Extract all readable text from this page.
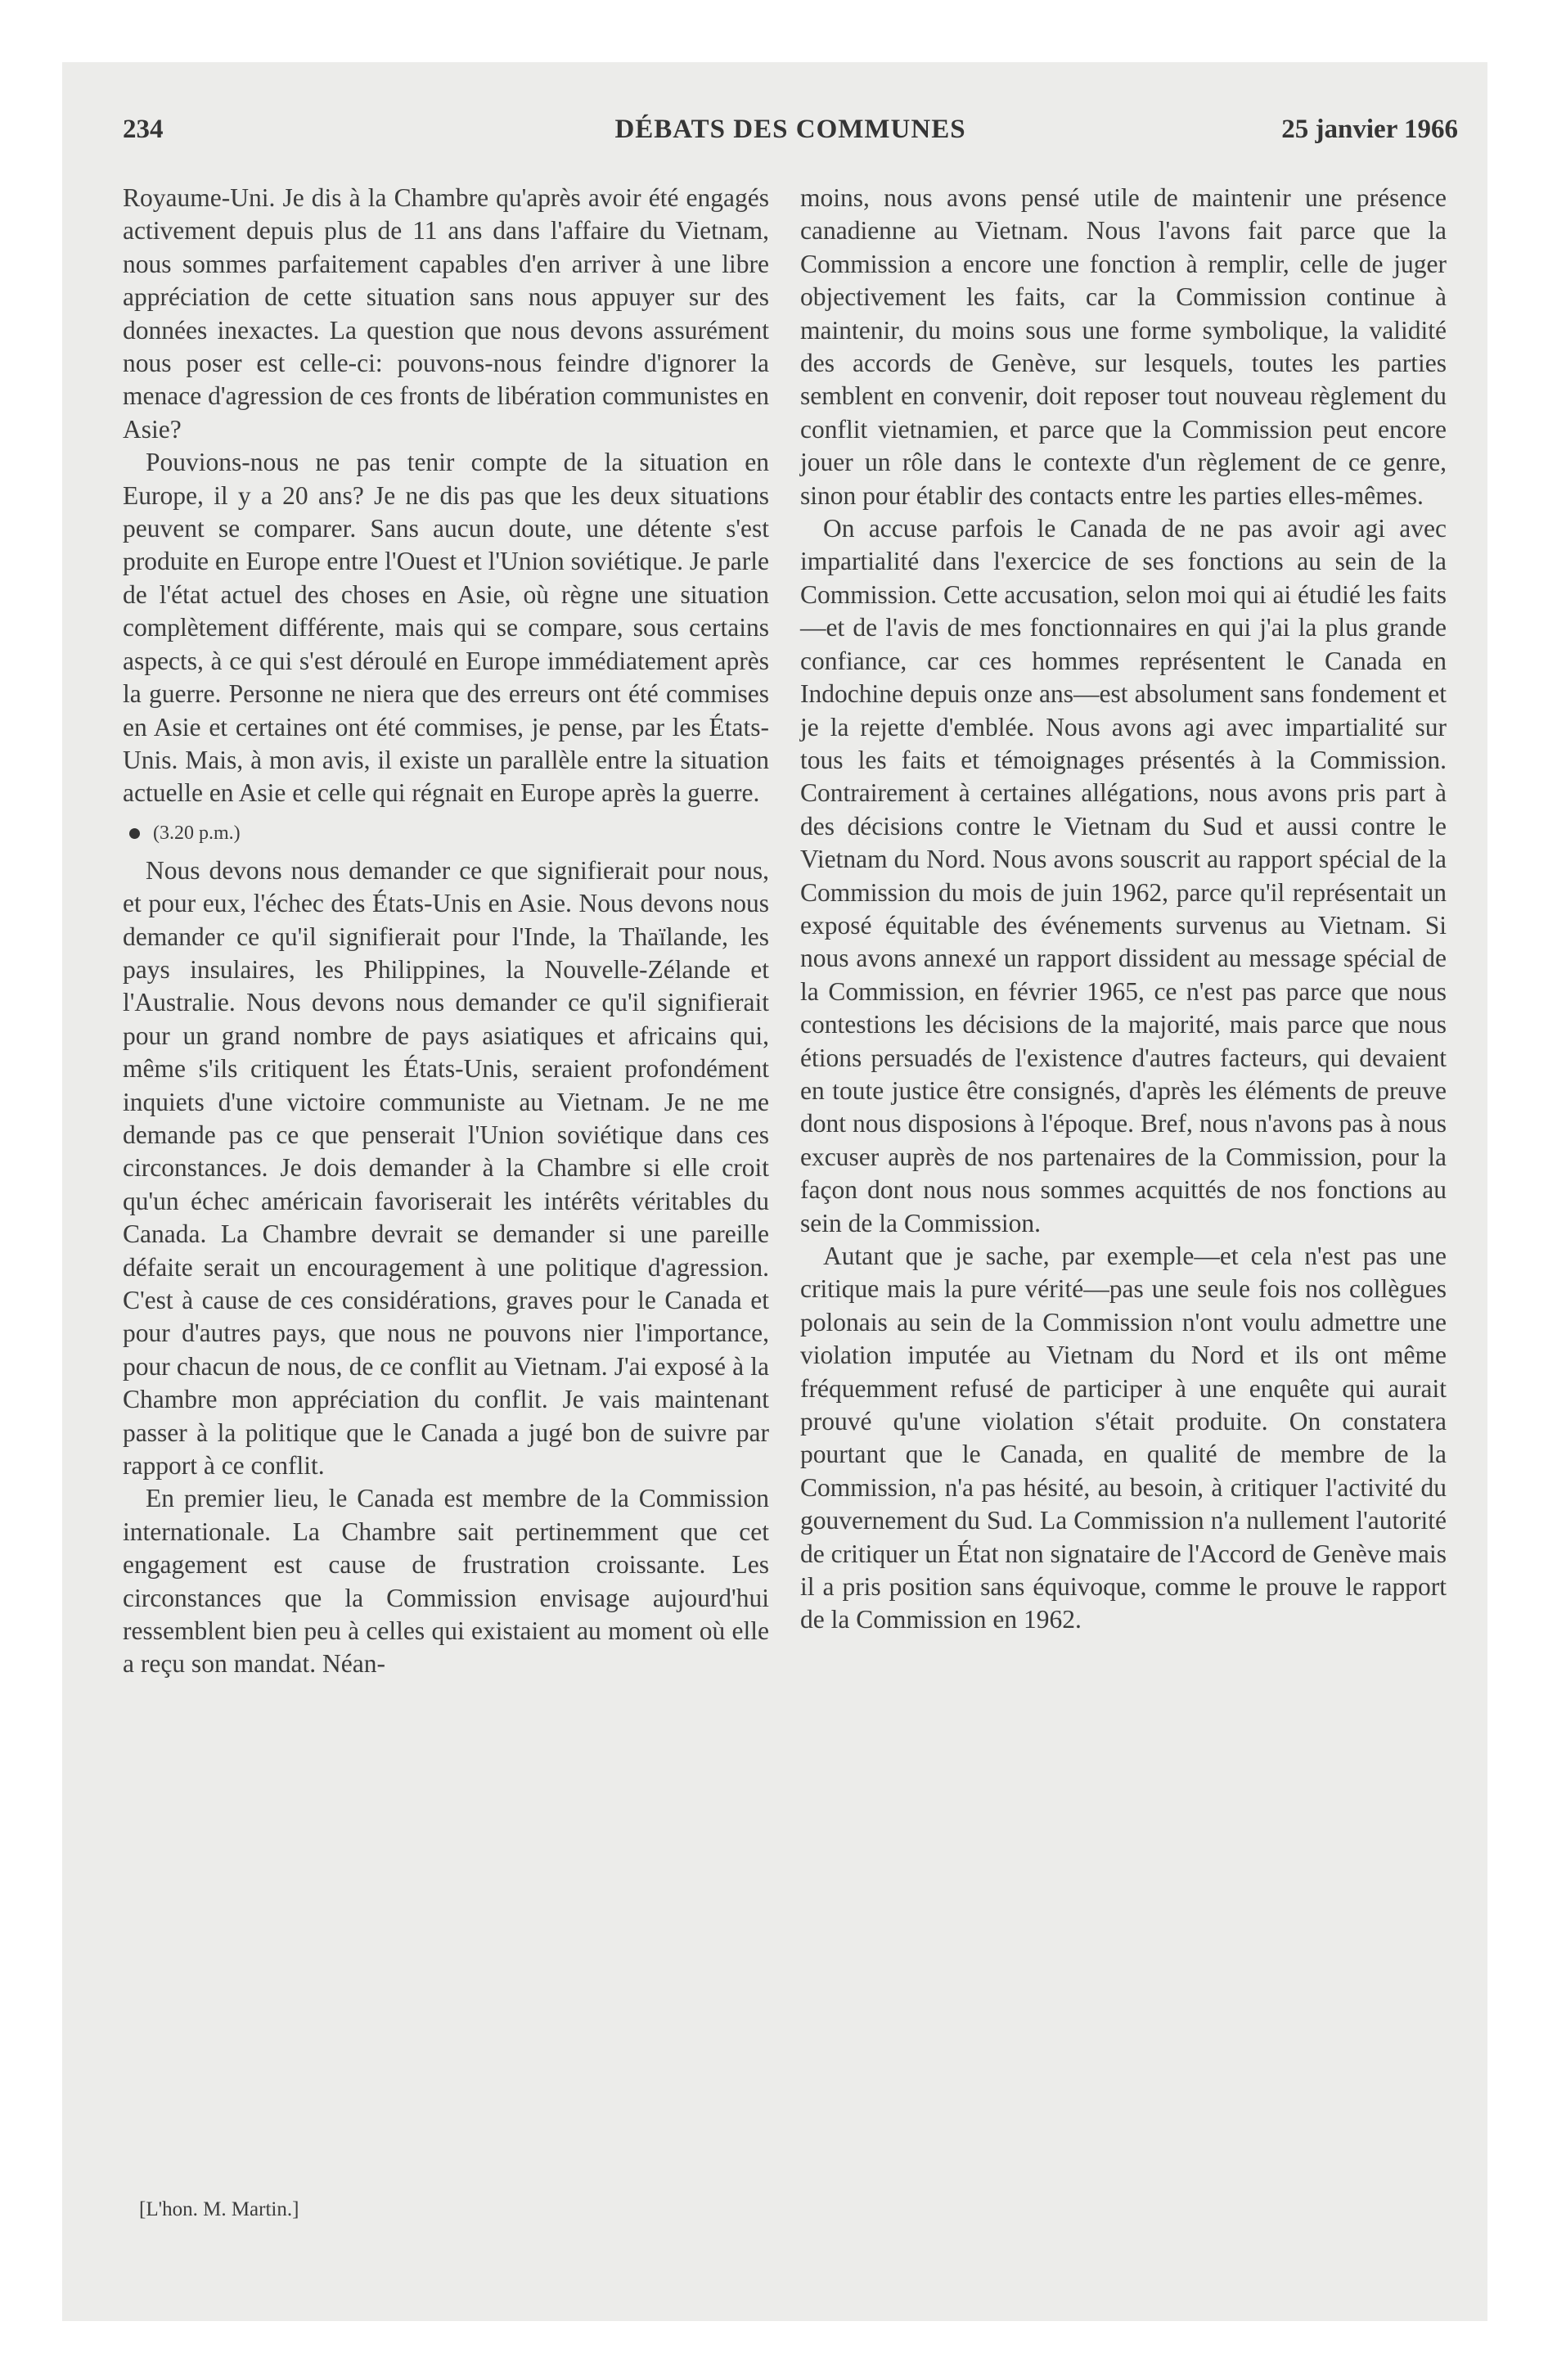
234	DÉBATS DES COMMUNES	25 janvier 1966

Royaume-Uni. Je dis à la Chambre qu'après avoir été engagés activement depuis plus de 11 ans dans l'affaire du Vietnam, nous sommes parfaitement capables d'en arriver à une libre appréciation de cette situation sans nous appuyer sur des données inexactes. La question que nous devons assurément nous poser est celle-ci: pouvons-nous feindre d'ignorer la menace d'agression de ces fronts de libération communistes en Asie?

Pouvions-nous ne pas tenir compte de la situation en Europe, il y a 20 ans? Je ne dis pas que les deux situations peuvent se comparer. Sans aucun doute, une détente s'est produite en Europe entre l'Ouest et l'Union soviétique. Je parle de l'état actuel des choses en Asie, où règne une situation complètement différente, mais qui se compare, sous certains aspects, à ce qui s'est déroulé en Europe immédiatement après la guerre. Personne ne niera que des erreurs ont été commises en Asie et certaines ont été commises, je pense, par les États-Unis. Mais, à mon avis, il existe un parallèle entre la situation actuelle en Asie et celle qui régnait en Europe après la guerre.

(3.20 p.m.)

Nous devons nous demander ce que signifierait pour nous, et pour eux, l'échec des États-Unis en Asie. Nous devons nous demander ce qu'il signifierait pour l'Inde, la Thaïlande, les pays insulaires, les Philippines, la Nouvelle-Zélande et l'Australie. Nous devons nous demander ce qu'il signifierait pour un grand nombre de pays asiatiques et africains qui, même s'ils critiquent les États-Unis, seraient profondément inquiets d'une victoire communiste au Vietnam. Je ne me demande pas ce que penserait l'Union soviétique dans ces circonstances. Je dois demander à la Chambre si elle croit qu'un échec américain favoriserait les intérêts véritables du Canada. La Chambre devrait se demander si une pareille défaite serait un encouragement à une politique d'agression. C'est à cause de ces considérations, graves pour le Canada et pour d'autres pays, que nous ne pouvons nier l'importance, pour chacun de nous, de ce conflit au Vietnam. J'ai exposé à la Chambre mon appréciation du conflit. Je vais maintenant passer à la politique que le Canada a jugé bon de suivre par rapport à ce conflit.

En premier lieu, le Canada est membre de la Commission internationale. La Chambre sait pertinemment que cet engagement est cause de frustration croissante. Les circonstances que la Commission envisage aujourd'hui ressemblent bien peu à celles qui existaient au moment où elle a reçu son mandat. Néan-

moins, nous avons pensé utile de maintenir une présence canadienne au Vietnam. Nous l'avons fait parce que la Commission a encore une fonction à remplir, celle de juger objectivement les faits, car la Commission continue à maintenir, du moins sous une forme symbolique, la validité des accords de Genève, sur lesquels, toutes les parties semblent en convenir, doit reposer tout nouveau règlement du conflit vietnamien, et parce que la Commission peut encore jouer un rôle dans le contexte d'un règlement de ce genre, sinon pour établir des contacts entre les parties elles-mêmes.

On accuse parfois le Canada de ne pas avoir agi avec impartialité dans l'exercice de ses fonctions au sein de la Commission. Cette accusation, selon moi qui ai étudié les faits —et de l'avis de mes fonctionnaires en qui j'ai la plus grande confiance, car ces hommes représentent le Canada en Indochine depuis onze ans—est absolument sans fondement et je la rejette d'emblée. Nous avons agi avec impartialité sur tous les faits et témoignages présentés à la Commission. Contrairement à certaines allégations, nous avons pris part à des décisions contre le Vietnam du Sud et aussi contre le Vietnam du Nord. Nous avons souscrit au rapport spécial de la Commission du mois de juin 1962, parce qu'il représentait un exposé équitable des événements survenus au Vietnam. Si nous avons annexé un rapport dissident au message spécial de la Commission, en février 1965, ce n'est pas parce que nous contestions les décisions de la majorité, mais parce que nous étions persuadés de l'existence d'autres facteurs, qui devaient en toute justice être consignés, d'après les éléments de preuve dont nous disposions à l'époque. Bref, nous n'avons pas à nous excuser auprès de nos partenaires de la Commission, pour la façon dont nous nous sommes acquittés de nos fonctions au sein de la Commission.

Autant que je sache, par exemple—et cela n'est pas une critique mais la pure vérité—pas une seule fois nos collègues polonais au sein de la Commission n'ont voulu admettre une violation imputée au Vietnam du Nord et ils ont même fréquemment refusé de participer à une enquête qui aurait prouvé qu'une violation s'était produite. On constatera pourtant que le Canada, en qualité de membre de la Commission, n'a pas hésité, au besoin, à critiquer l'activité du gouvernement du Sud. La Commission n'a nullement l'autorité de critiquer un État non signataire de l'Accord de Genève mais il a pris position sans équivoque, comme le prouve le rapport de la Commission en 1962.

[L'hon. M. Martin.]
